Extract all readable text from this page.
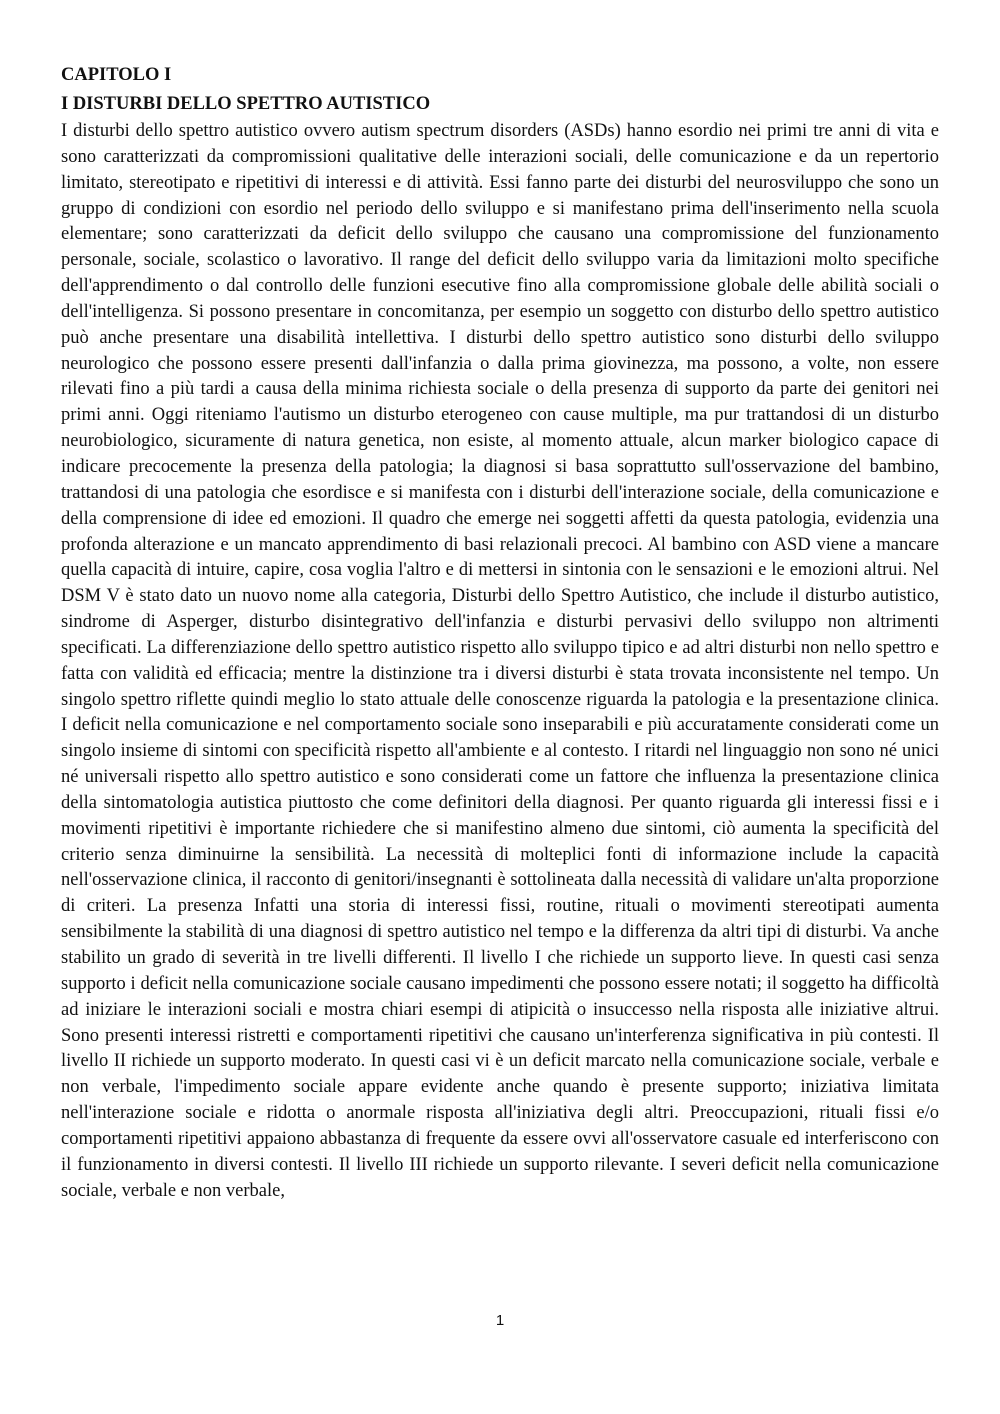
CAPITOLO I
I DISTURBI DELLO SPETTRO AUTISTICO

I disturbi dello spettro autistico ovvero autism spectrum disorders (ASDs) hanno esordio nei primi tre anni di vita e sono caratterizzati da compromissioni qualitative delle interazioni sociali, delle comunicazione e da un repertorio limitato, stereotipato e ripetitivi di interessi e di attività. Essi fanno parte dei disturbi del neurosviluppo che sono un gruppo di condizioni con esordio nel periodo dello sviluppo e si manifestano prima dell'inserimento nella scuola elementare; sono caratterizzati da deficit dello sviluppo che causano una compromissione del funzionamento personale, sociale, scolastico o lavorativo. Il range del deficit dello sviluppo varia da limitazioni molto specifiche dell'apprendimento o dal controllo delle funzioni esecutive fino alla compromissione globale delle abilità sociali o dell'intelligenza. Si possono presentare in concomitanza, per esempio un soggetto con disturbo dello spettro autistico può anche presentare una disabilità intellettiva. I disturbi dello spettro autistico sono disturbi dello sviluppo neurologico che possono essere presenti dall'infanzia o dalla prima giovinezza, ma possono, a volte, non essere rilevati fino a più tardi a causa della minima richiesta sociale o della presenza di supporto da parte dei genitori nei primi anni. Oggi riteniamo l'autismo un disturbo eterogeneo con cause multiple, ma pur trattandosi di un disturbo neurobiologico, sicuramente di natura genetica, non esiste, al momento attuale, alcun marker biologico capace di indicare precocemente la presenza della patologia; la diagnosi si basa soprattutto sull'osservazione del bambino, trattandosi di una patologia che esordisce e si manifesta con i disturbi dell'interazione sociale, della comunicazione e della comprensione di idee ed emozioni. Il quadro che emerge nei soggetti affetti da questa patologia, evidenzia una profonda alterazione e un mancato apprendimento di basi relazionali precoci. Al bambino con ASD viene a mancare quella capacità di intuire, capire, cosa voglia l'altro e di mettersi in sintonia con le sensazioni e le emozioni altrui. Nel DSM V è stato dato un nuovo nome alla categoria, Disturbi dello Spettro Autistico, che include il disturbo autistico, sindrome di Asperger, disturbo disintegrativo dell'infanzia e disturbi pervasivi dello sviluppo non altrimenti specificati. La differenziazione dello spettro autistico rispetto allo sviluppo tipico e ad altri disturbi non nello spettro e fatta con validità ed efficacia; mentre la distinzione tra i diversi disturbi è stata trovata inconsistente nel tempo. Un singolo spettro riflette quindi meglio lo stato attuale delle conoscenze riguarda la patologia e la presentazione clinica. I deficit nella comunicazione e nel comportamento sociale sono inseparabili e più accuratamente considerati come un singolo insieme di sintomi con specificità rispetto all'ambiente e al contesto. I ritardi nel linguaggio non sono né unici né universali rispetto allo spettro autistico e sono considerati come un fattore che influenza la presentazione clinica della sintomatologia autistica piuttosto che come definitori della diagnosi. Per quanto riguarda gli interessi fissi e i movimenti ripetitivi è importante richiedere che si manifestino almeno due sintomi, ciò aumenta la specificità del criterio senza diminuirne la sensibilità. La necessità di molteplici fonti di informazione include la capacità nell'osservazione clinica, il racconto di genitori/insegnanti è sottolineata dalla necessità di validare un'alta proporzione di criteri. La presenza Infatti una storia di interessi fissi, routine, rituali o movimenti stereotipati aumenta sensibilmente la stabilità di una diagnosi di spettro autistico nel tempo e la differenza da altri tipi di disturbi. Va anche stabilito un grado di severità in tre livelli differenti. Il livello I che richiede un supporto lieve. In questi casi senza supporto i deficit nella comunicazione sociale causano impedimenti che possono essere notati; il soggetto ha difficoltà ad iniziare le interazioni sociali e mostra chiari esempi di atipicità o insuccesso nella risposta alle iniziative altrui. Sono presenti interessi ristretti e comportamenti ripetitivi che causano un'interferenza significativa in più contesti. Il livello II richiede un supporto moderato. In questi casi vi è un deficit marcato nella comunicazione sociale, verbale e non verbale, l'impedimento sociale appare evidente anche quando è presente supporto; iniziativa limitata nell'interazione sociale e ridotta o anormale risposta all'iniziativa degli altri. Preoccupazioni, rituali fissi e/o comportamenti ripetitivi appaiono abbastanza di frequente da essere ovvi all'osservatore casuale ed interferiscono con il funzionamento in diversi contesti. Il livello III richiede un supporto rilevante. I severi deficit nella comunicazione sociale, verbale e non verbale,

1
